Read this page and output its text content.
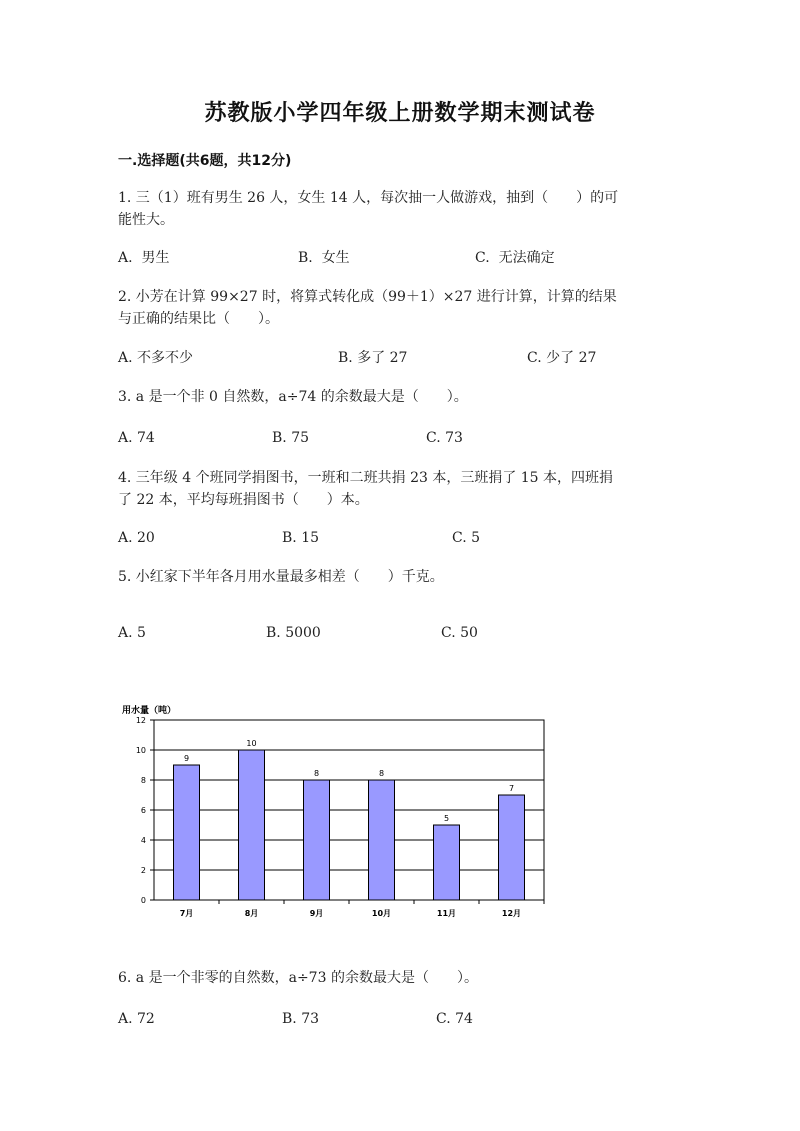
苏教版小学四年级上册数学期末测试卷
一.选择题(共6题，共12分)
1. 三（1）班有男生 26 人，女生 14 人，每次抽一人做游戏，抽到（　　）的可
能性大。
A.  男生	B.  女生	C.  无法确定
2. 小芳在计算 99×27 时，将算式转化成（99＋1）×27 进行计算，计算的结果
与正确的结果比（　　）。
A. 不多不少	B. 多了 27	C. 少了 27
3. a 是一个非 0 自然数，a÷74 的余数最大是（　　）。
A. 74	B. 75	C. 73
4. 三年级 4 个班同学捐图书，一班和二班共捐 23 本，三班捐了 15 本，四班捐
了 22 本，平均每班捐图书（　　）本。
A. 20	B. 15	C. 5
5. 小红家下半年各月用水量最多相差（　　）千克。
A. 5	B. 5000	C. 50
用水量（吨）
0
2
4
6
8
10
12
9
10
8	8
5
7
7月	8月	9月	10月	11月	12月
6. a 是一个非零的自然数，a÷73 的余数最大是（　　）。
A. 72	B. 73	C. 74
